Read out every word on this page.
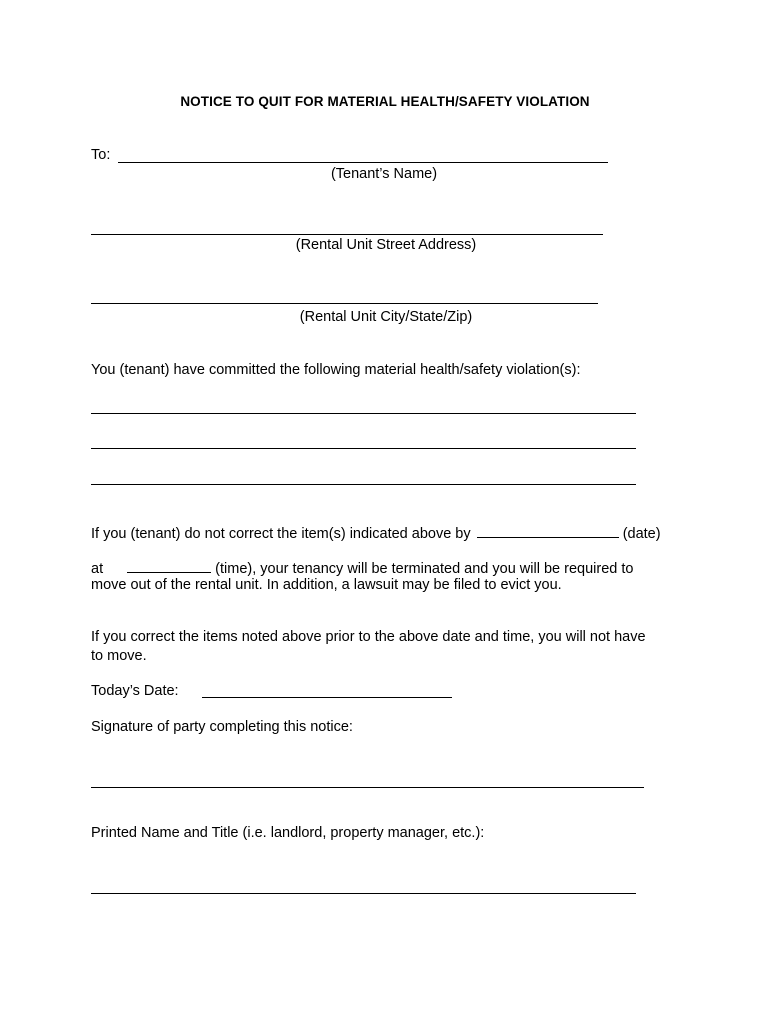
NOTICE TO QUIT FOR MATERIAL HEALTH/SAFETY VIOLATION
To:
(Tenant’s Name)
(Rental Unit Street Address)
(Rental Unit City/State/Zip)
You (tenant) have committed the following material health/safety violation(s):
If you (tenant) do not correct the item(s) indicated above by	(date)
at	(time), your tenancy will be terminated and you will be required to
move out of the rental unit. In addition, a lawsuit may be filed to evict you.
If you correct the items noted above prior to the above date and time, you will not have
to move.
Today’s Date:
Signature of party completing this notice:
Printed Name and Title (i.e. landlord, property manager, etc.):
